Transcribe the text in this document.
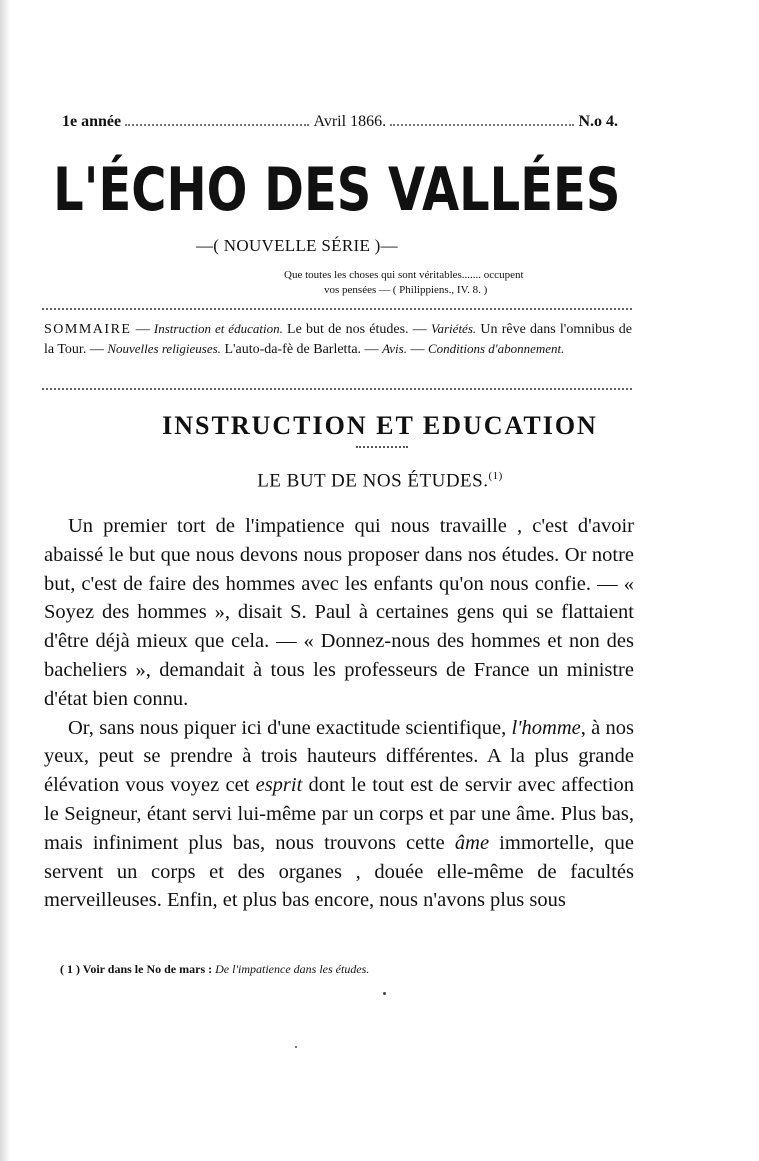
1e année	Avril 1866.	N.o 4.
L'ÉCHO DES VALLÉES
—( NOUVELLE SÉRIE )—
Que toutes les choses qui sont véritables....... occupent
vos pensées — ( Philippiens., IV. 8. )
SOMMAIRE — Instruction et éducation. Le but de nos études. — Variétés. Un rêve dans l'omnibus de la Tour. — Nouvelles religieuses. L'auto-da-fè de Barletta. — Avis. — Conditions d'abonnement.
INSTRUCTION ET EDUCATION
LE BUT DE NOS ÉTUDES.$^{(1)}$

Un premier tort de l'impatience qui nous travaille , c'est d'avoir abaissé le but que nous devons nous proposer dans nos études. Or notre but, c'est de faire des hommes avec les enfants qu'on nous confie. — « Soyez des hommes », disait S. Paul à certaines gens qui se flattaient d'être déjà mieux que cela. — « Donnez-nous des hommes et non des bacheliers », demandait à tous les professeurs de France un ministre d'état bien connu.

Or, sans nous piquer ici d'une exactitude scientifique, l'homme, à nos yeux, peut se prendre à trois hauteurs différentes. A la plus grande élévation vous voyez cet esprit dont le tout est de servir avec affection le Seigneur, étant servi lui-même par un corps et par une âme. Plus bas, mais infiniment plus bas, nous trouvons cette âme immortelle, que servent un corps et des organes , douée elle-même de facultés merveilleuses. Enfin, et plus bas encore, nous n'avons plus sous

( 1 ) Voir dans le No de mars : De l'impatience dans les études.
